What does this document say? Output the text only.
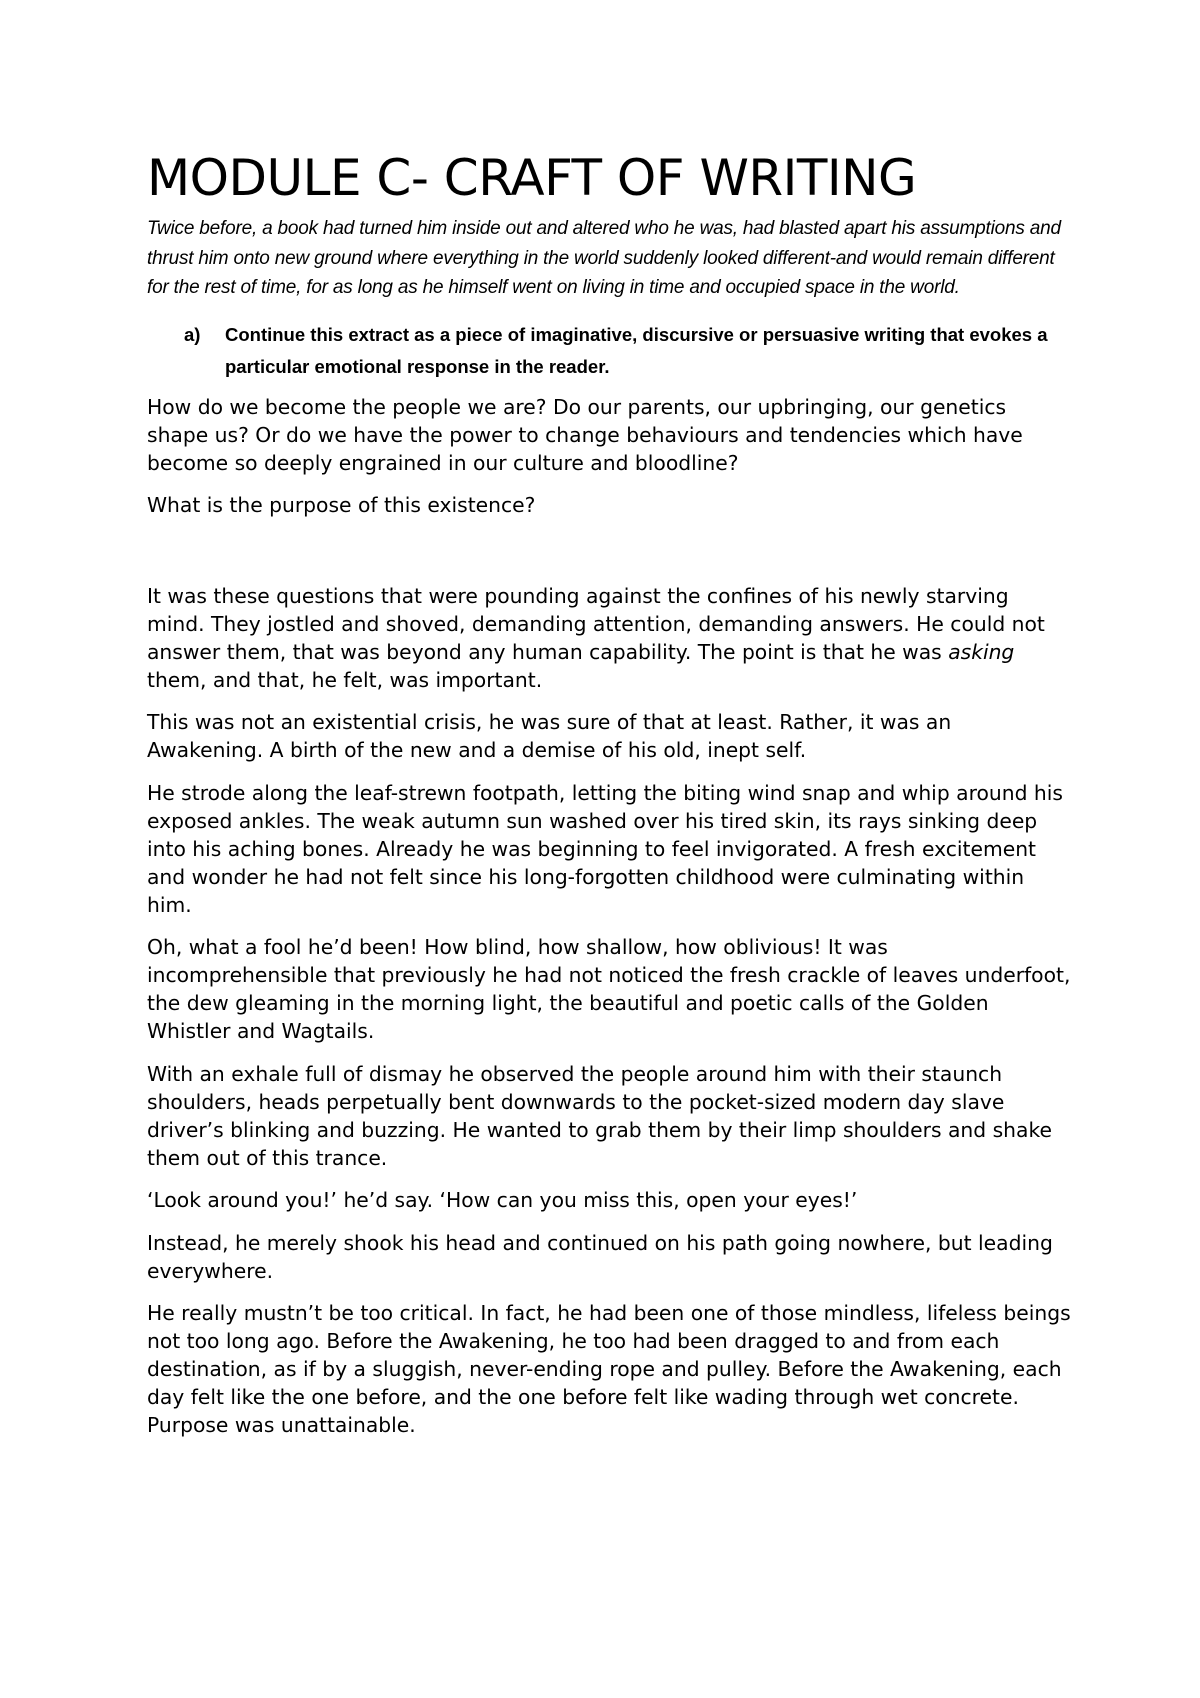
MODULE C- CRAFT OF WRITING

Twice before, a book had turned him inside out and altered who he was, had blasted apart his assumptions and thrust him onto new ground where everything in the world suddenly looked different-and would remain different for the rest of time, for as long as he himself went on living in time and occupied space in the world.

a)	Continue this extract as a piece of imaginative, discursive or persuasive writing that evokes a particular emotional response in the reader.

How do we become the people we are? Do our parents, our upbringing, our genetics shape us? Or do we have the power to change behaviours and tendencies which have become so deeply engrained in our culture and bloodline?

What is the purpose of this existence?

It was these questions that were pounding against the confines of his newly starving mind. They jostled and shoved, demanding attention, demanding answers. He could not answer them, that was beyond any human capability. The point is that he was asking them, and that, he felt, was important.

This was not an existential crisis, he was sure of that at least. Rather, it was an Awakening. A birth of the new and a demise of his old, inept self.

He strode along the leaf-strewn footpath, letting the biting wind snap and whip around his exposed ankles. The weak autumn sun washed over his tired skin, its rays sinking deep into his aching bones. Already he was beginning to feel invigorated. A fresh excitement and wonder he had not felt since his long-forgotten childhood were culminating within him.

Oh, what a fool he’d been! How blind, how shallow, how oblivious! It was incomprehensible that previously he had not noticed the fresh crackle of leaves underfoot, the dew gleaming in the morning light, the beautiful and poetic calls of the Golden Whistler and Wagtails.

With an exhale full of dismay he observed the people around him with their staunch shoulders, heads perpetually bent downwards to the pocket-sized modern day slave driver’s blinking and buzzing. He wanted to grab them by their limp shoulders and shake them out of this trance.

‘Look around you!’ he’d say. ‘How can you miss this, open your eyes!’

Instead, he merely shook his head and continued on his path going nowhere, but leading everywhere.

He really mustn’t be too critical. In fact, he had been one of those mindless, lifeless beings not too long ago. Before the Awakening, he too had been dragged to and from each destination, as if by a sluggish, never-ending rope and pulley. Before the Awakening, each day felt like the one before, and the one before felt like wading through wet concrete. Purpose was unattainable.
